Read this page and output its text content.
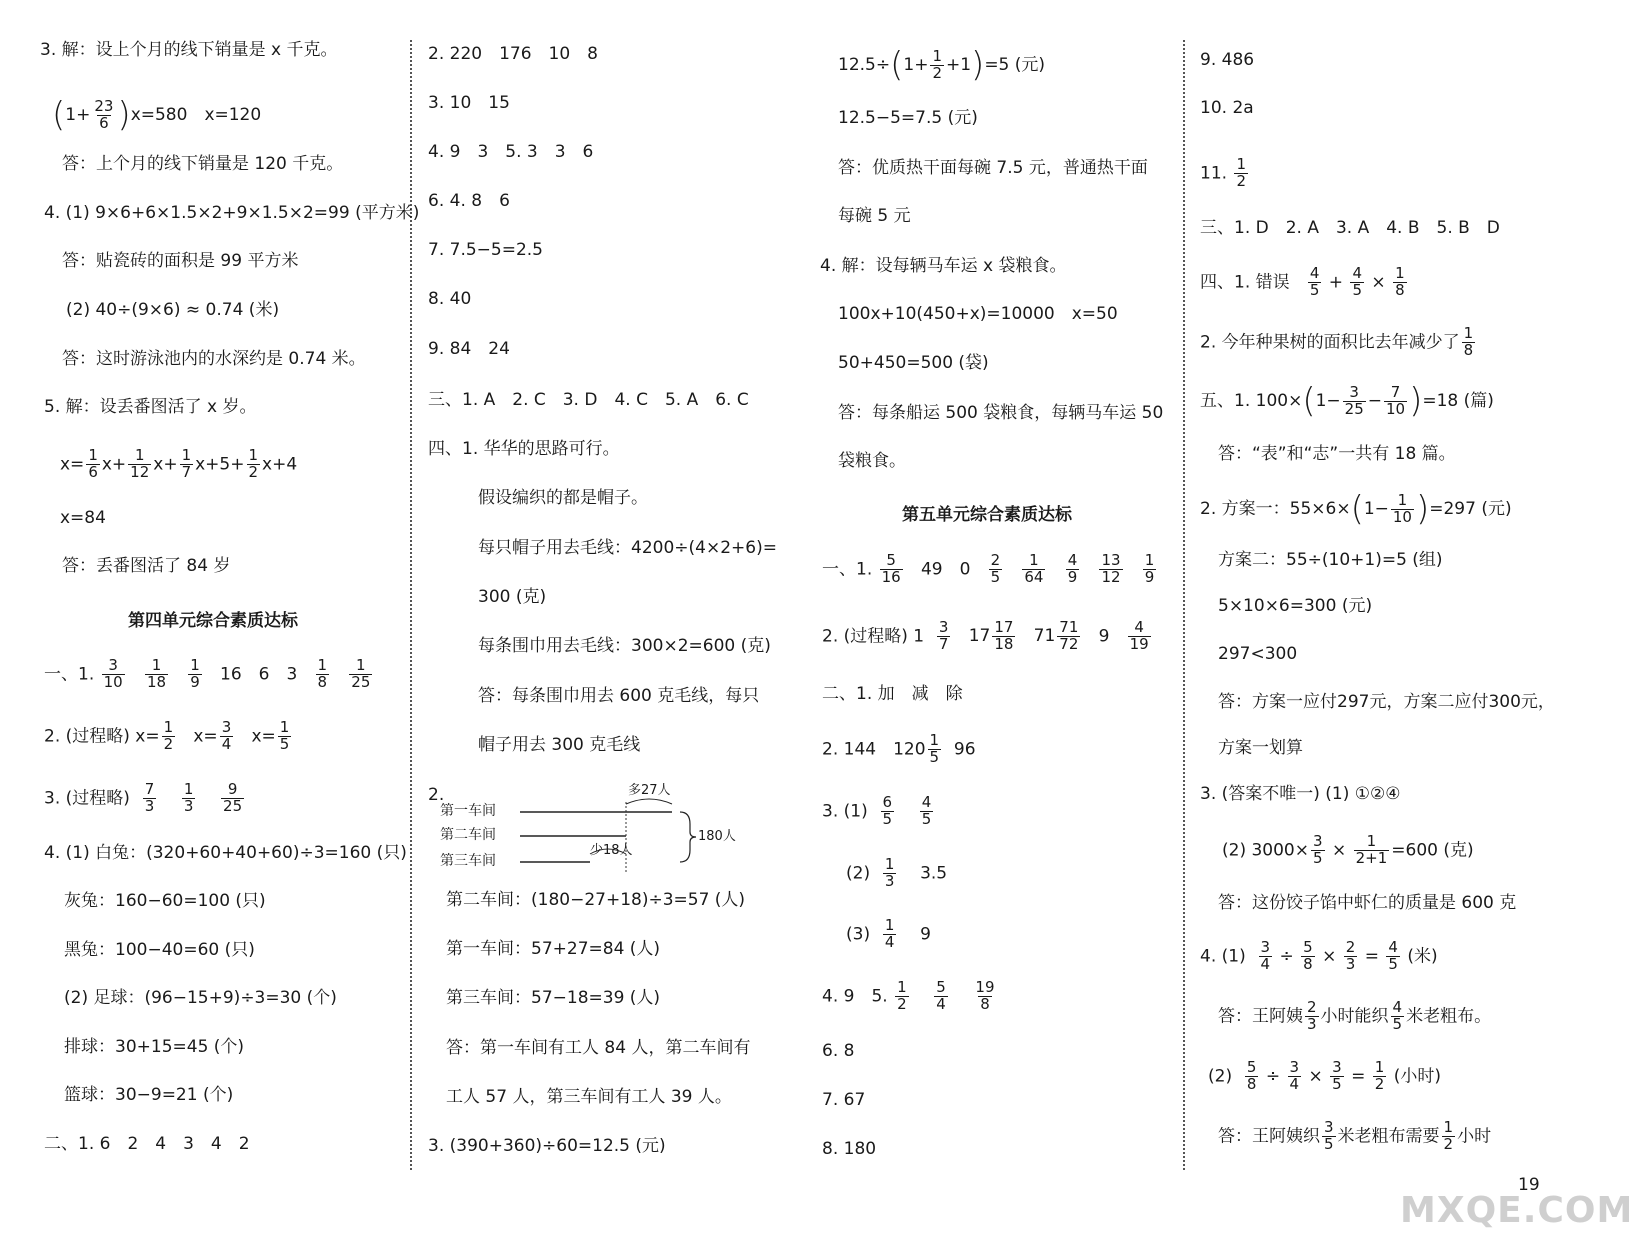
3. 解：设上个月的线下销量是 x 千克。
$(1+ \frac{23}{6} )x=580$　x=120
答：上个月的线下销量是 120 千克。
4. (1) 9×6+6×1.5×2+9×1.5×2=99 (平方米)
答：贴瓷砖的面积是 99 平方米
(2) 40÷(9×6) ≈ 0.74 (米)
答：这时游泳池内的水深约是 0.74 米。
5. 解：设丢番图活了 x 岁。
$x= \frac{1}{6} x+ \frac{1}{12} x+ \frac{1}{7} x+5+ \frac{1}{2} x+4$
x=84
答：丢番图活了 84 岁
第四单元综合素质达标
一、1. $\frac{3}{10}$
$\frac{1}{18}$
$\frac{1}{9} 16$　6　$3 \frac{1}{8}$
$\frac{1}{25}$
2. (过程略) $x= \frac{1}{2} x= \frac{3}{4} x= \frac{1}{5}$
3. (过程略) $\frac{7}{3}$
$\frac{1}{3}$
$\frac{9}{25}$
4. (1) 白兔：(320+60+40+60)÷3=160 (只)
灰兔：160−60=100 (只)
黑兔：100−40=60 (只)
(2) 足球：(96−15+9)÷3=30 (个)
排球：30+15=45 (个)
篮球：30−9=21 (个)
二、1. 6　2　4　3　4　2
2. 220　176　10　8
3. 10　15
4. 9　3　5. 3　3　6
6. 4. 8　6
7. 7.5−5=2.5
8. 40
9. 84　24
三、1. A　2. C　3. D　4. C　5. A　6. C
四、1. 华华的思路可行。
假设编织的都是帽子。
每只帽子用去毛线：4200÷(4×2+6)=
300 (克)
每条围巾用去毛线：300×2=600 (克)
答：每条围巾用去 600 克毛线，每只
帽子用去 300 克毛线
2.
第一车间
第二车间
第三车间
多27人
少18人
180人
第二车间：(180−27+18)÷3=57 (人)
第一车间：57+27=84 (人)
第三车间：57−18=39 (人)
答：第一车间有工人 84 人，第二车间有
工人 57 人，第三车间有工人 39 人。
3. (390+360)÷60=12.5 (元)
$12.5\div(1+ \frac{1}{2} +1)=5$ (元)
12.5−5=7.5 (元)
答：优质热干面每碗 7.5 元，普通热干面
每碗 5 元
4. 解：设每辆马车运 x 袋粮食。
100x+10(450+x)=10000　x=50
50+450=500 (袋)
答：每条船运 500 袋粮食，每辆马车运 50
袋粮食。
第五单元综合素质达标
一、1. $\frac{5}{16} 49$　$0 \frac{2}{5}$
$\frac{1}{64}$
$\frac{4}{9}$
$\frac{13}{12}$
$\frac{1}{9}$
2. (过程略) $1 \frac{3}{7}$
$17 \frac{17}{18}$
$71 \frac{71}{72} 9 \frac{4}{19}$
二、1. 加　减　除
2. 144　$120 \frac{1}{5} 96$
3. $(1) \frac{6}{5}$
$\frac{4}{5}$
$(2) \frac{1}{3} 3.5$
$(3) \frac{1}{4} 9$
4. 9　5. $\frac{1}{2}$
$\frac{5}{4}$
$\frac{19}{8}$
6. 8
7. 67
8. 180
9. 486
10. 2a
11. $\frac{1}{2}$
三、1. D　2. A　3. A　4. B　5. B　D
四、1. 错误 $\frac{4}{5} + \frac{4}{5} \times \frac{1}{8}$
2. 今年种果树的面积比去年减少了 $\frac{1}{8}$
五、1. $100\times(1- \frac{3}{25} - \frac{7}{10} )=18$ (篇)
答：“表”和“志”一共有 18 篇。
2. 方案一：$55\times 6\times(1- \frac{1}{10} )=297$ (元)
方案二：55÷(10+1)=5 (组)
5×10×6=300 (元)
297<300
答：方案一应付297元，方案二应付300元，
方案一划算
3. (答案不唯一) (1) ①②④
(2) $3000\times \frac{3}{5} \times \frac{1}{2+1} =600$ (克)
答：这份饺子馅中虾仁的质量是 600 克
4. $(1) \frac{3}{4} \div \frac{5}{8} \times \frac{2}{3} = \frac{4}{5}$ (米)
答：王阿姨 $\frac{2}{3}$ 小时能织 $\frac{4}{5}$ 米老粗布。
$(2) \frac{5}{8} \div \frac{3}{4} \times \frac{3}{5} = \frac{1}{2}$ (小时)
答：王阿姨织 $\frac{3}{5}$ 米老粗布需要 $\frac{1}{2}$ 小时
19
MXQE.COM
